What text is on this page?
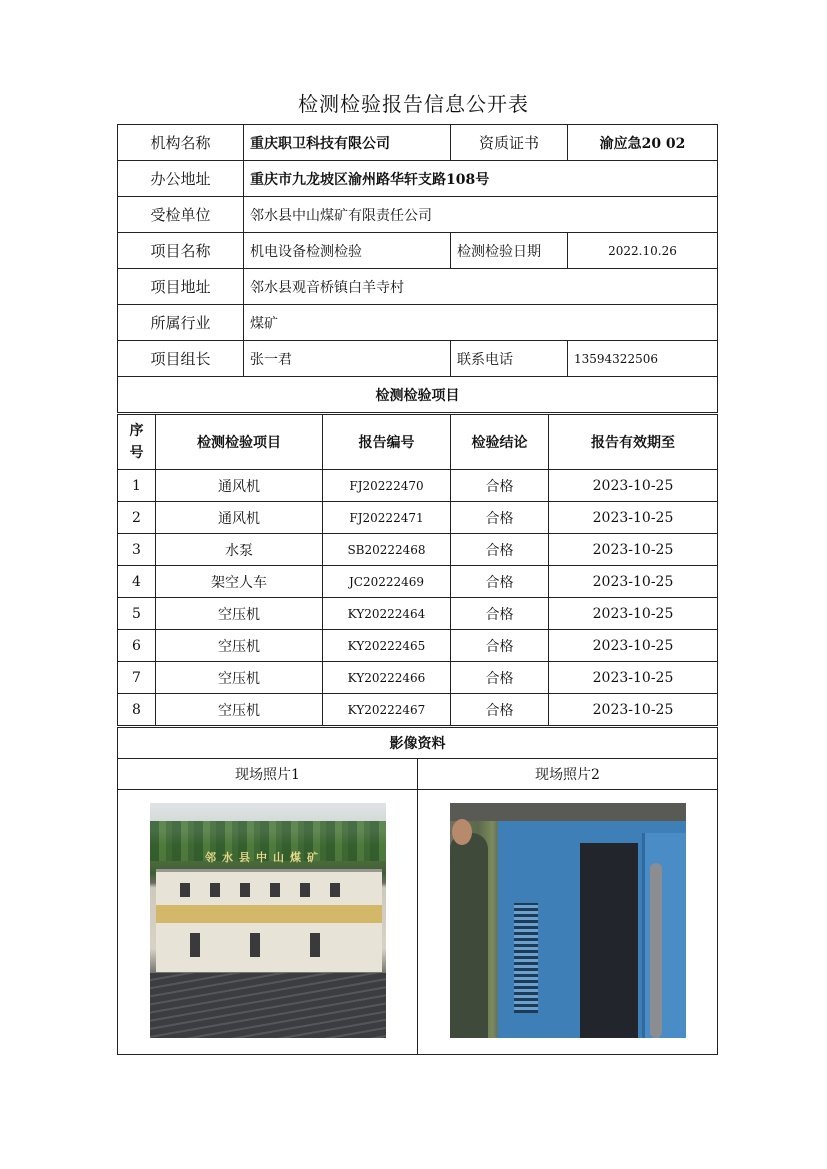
检测检验报告信息公开表
机构名称	重庆职卫科技有限公司	资质证书	渝应急20 02
办公地址	重庆市九龙坡区渝州路华轩支路108号		
受检单位	邻水县中山煤矿有限责任公司		
项目名称	机电设备检测检验	检测检验日期	2022.10.26
项目地址	邻水县观音桥镇白羊寺村		
所属行业	煤矿		
项目组长	张一君	联系电话	13594322506
检测检验项目			
序
号	检测检验项目	报告编号	检验结论	报告有效期至
1	通风机	FJ20222470	合格	2023-10-25
2	通风机	FJ20222471	合格	2023-10-25
3	水泵	SB20222468	合格	2023-10-25
4	架空人车	JC20222469	合格	2023-10-25
5	空压机	KY20222464	合格	2023-10-25
6	空压机	KY20222465	合格	2023-10-25
7	空压机	KY20222466	合格	2023-10-25
8	空压机	KY20222467	合格	2023-10-25
影像资料	
现场照片1	现场照片2

邻水县中山煤矿	
